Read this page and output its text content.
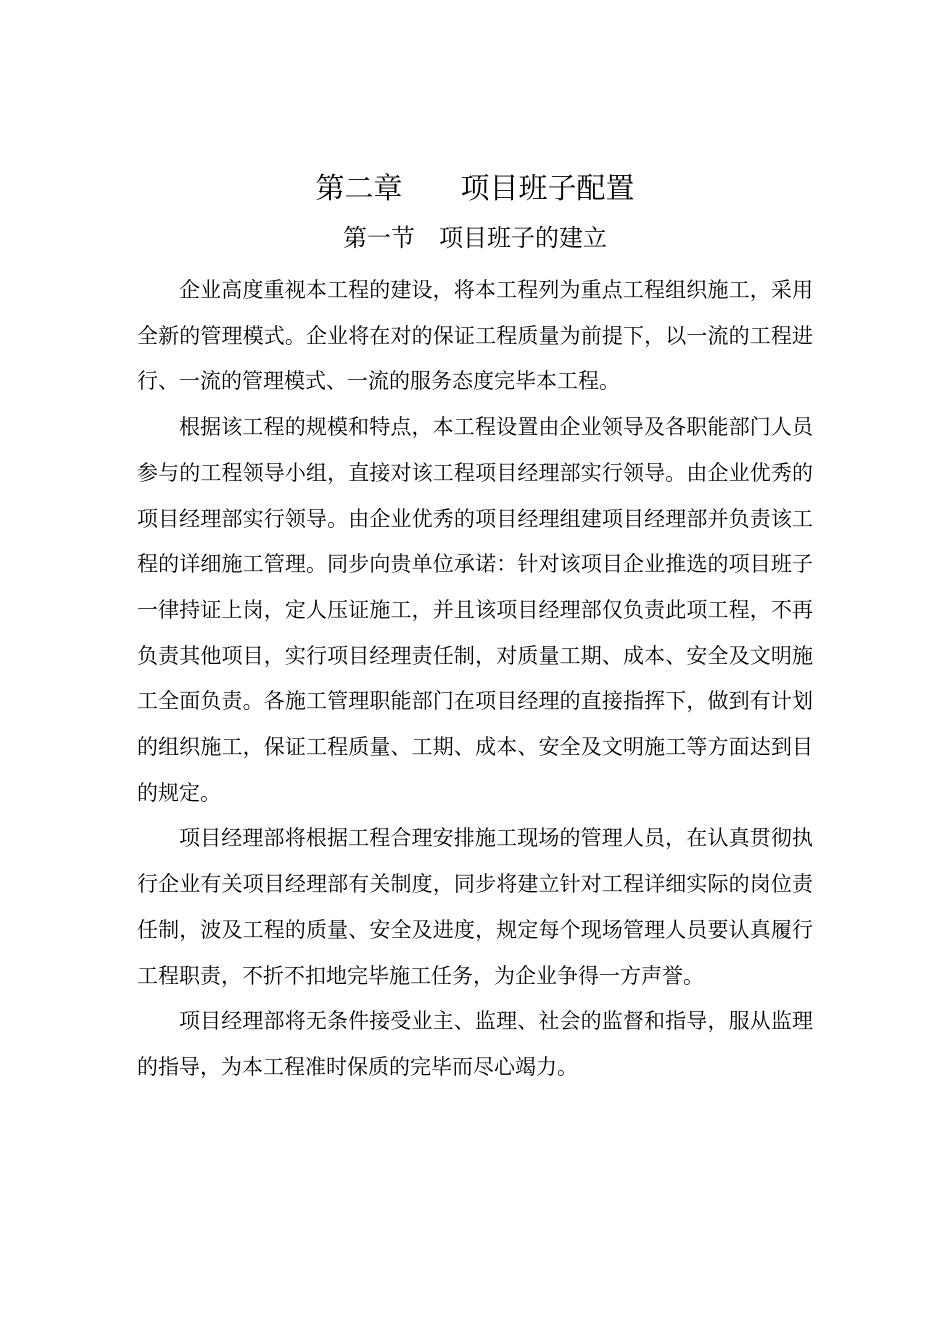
第二章 项目班子配置
第一节 项目班子的建立

企业高度重视本工程的建设，将本工程列为重点工程组织施工，采用全新的管理模式。企业将在对的保证工程质量为前提下，以一流的工程进行、一流的管理模式、一流的服务态度完毕本工程。

根据该工程的规模和特点，本工程设置由企业领导及各职能部门人员参与的工程领导小组，直接对该工程项目经理部实行领导。由企业优秀的项目经理部实行领导。由企业优秀的项目经理组建项目经理部并负责该工程的详细施工管理。同步向贵单位承诺：针对该项目企业推选的项目班子一律持证上岗，定人压证施工，并且该项目经理部仅负责此项工程，不再负责其他项目，实行项目经理责任制，对质量工期、成本、安全及文明施工全面负责。各施工管理职能部门在项目经理的直接指挥下，做到有计划的组织施工，保证工程质量、工期、成本、安全及文明施工等方面达到目的规定。

项目经理部将根据工程合理安排施工现场的管理人员，在认真贯彻执行企业有关项目经理部有关制度，同步将建立针对工程详细实际的岗位责任制，波及工程的质量、安全及进度，规定每个现场管理人员要认真履行工程职责，不折不扣地完毕施工任务，为企业争得一方声誉。

项目经理部将无条件接受业主、监理、社会的监督和指导，服从监理的指导，为本工程准时保质的完毕而尽心竭力。
